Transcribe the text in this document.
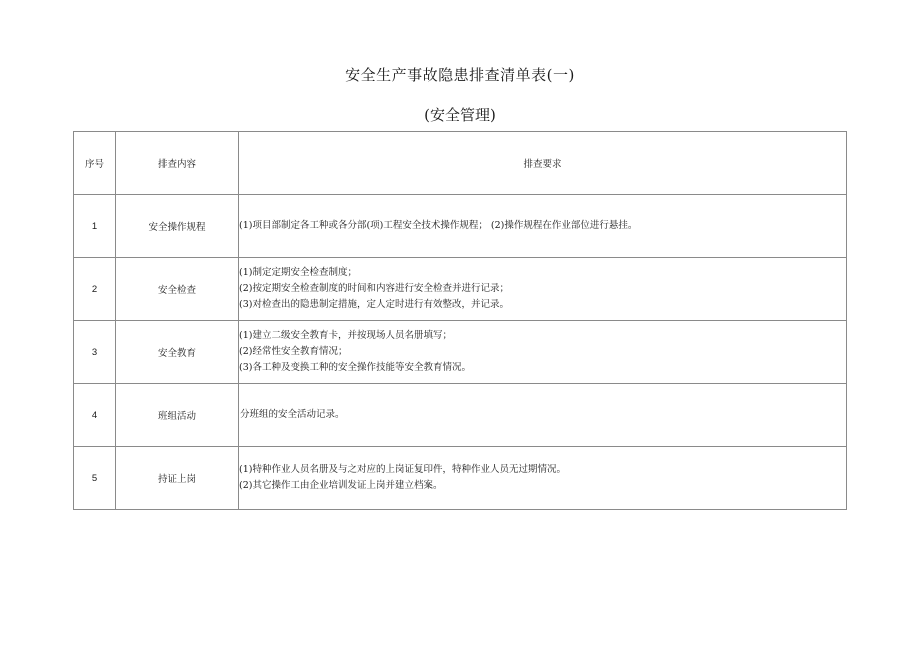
安全生产事故隐患排查清单表(一)
(安全管理)
序号	排查内容	排查要求
1	安全操作规程	(1)项目部制定各工种或各分部(项)工程安全技术操作规程； (2)操作规程在作业部位进行悬挂。

2	安全检查	(1)制定定期安全检查制度；
(2)按定期安全检查制度的时间和内容进行安全检查并进行记录；
(3)对检查出的隐患制定措施，定人定时进行有效整改，并记录。

3	安全教育	(1)建立二级安全教育卡，并按现场人员名册填写；
(2)经常性安全教育情况；
(3)各工种及变换工种的安全操作技能等安全教育情况。

4	班组活动	分班组的安全活动记录。

5	持证上岗	(1)特种作业人员名册及与之对应的上岗证复印件，特种作业人员无过期情况。
(2)其它操作工由企业培训发证上岗并建立档案。
